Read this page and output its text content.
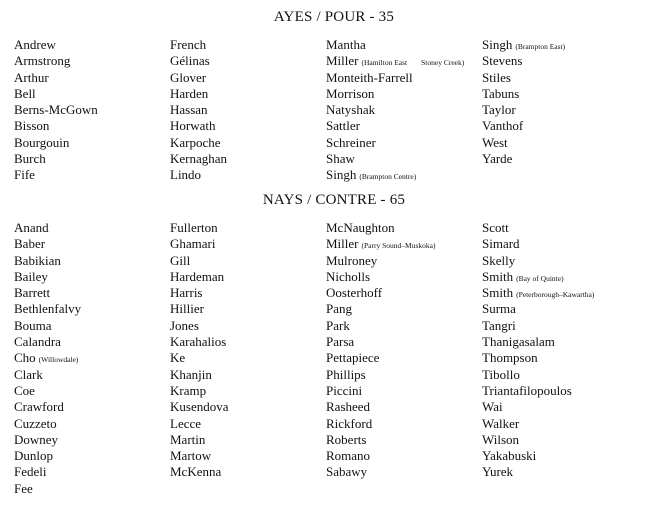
AYES / POUR - 35
Andrew
Armstrong
Arthur
Bell
Berns-McGown
Bisson
Bourgouin
Burch
Fife
French
Gélinas
Glover
Harden
Hassan
Horwath
Karpoche
Kernaghan
Lindo
Mantha
Miller (Hamilton East Stoney Creek)
Monteith-Farrell
Morrison
Natyshak
Sattler
Schreiner
Shaw
Singh (Brampton Centre)
Singh (Brampton East)
Stevens
Stiles
Tabuns
Taylor
Vanthof
West
Yarde
NAYS / CONTRE - 65
Anand
Baber
Babikian
Bailey
Barrett
Bethlenfalvy
Bouma
Calandra
Cho (Willowdale)
Clark
Coe
Crawford
Cuzzeto
Downey
Dunlop
Fedeli
Fee
Fullerton
Ghamari
Gill
Hardeman
Harris
Hillier
Jones
Karahalios
Ke
Khanjin
Kramp
Kusendova
Lecce
Martin
Martow
McKenna
McNaughton
Miller (Parry Sound–Muskoka)
Mulroney
Nicholls
Oosterhoff
Pang
Park
Parsa
Pettapiece
Phillips
Piccini
Rasheed
Rickford
Roberts
Romano
Sabawy
Scott
Simard
Skelly
Smith (Bay of Quinte)
Smith (Peterborough–Kawartha)
Surma
Tangri
Thanigasalam
Thompson
Tibollo
Triantafilopoulos
Wai
Walker
Wilson
Yakabuski
Yurek
